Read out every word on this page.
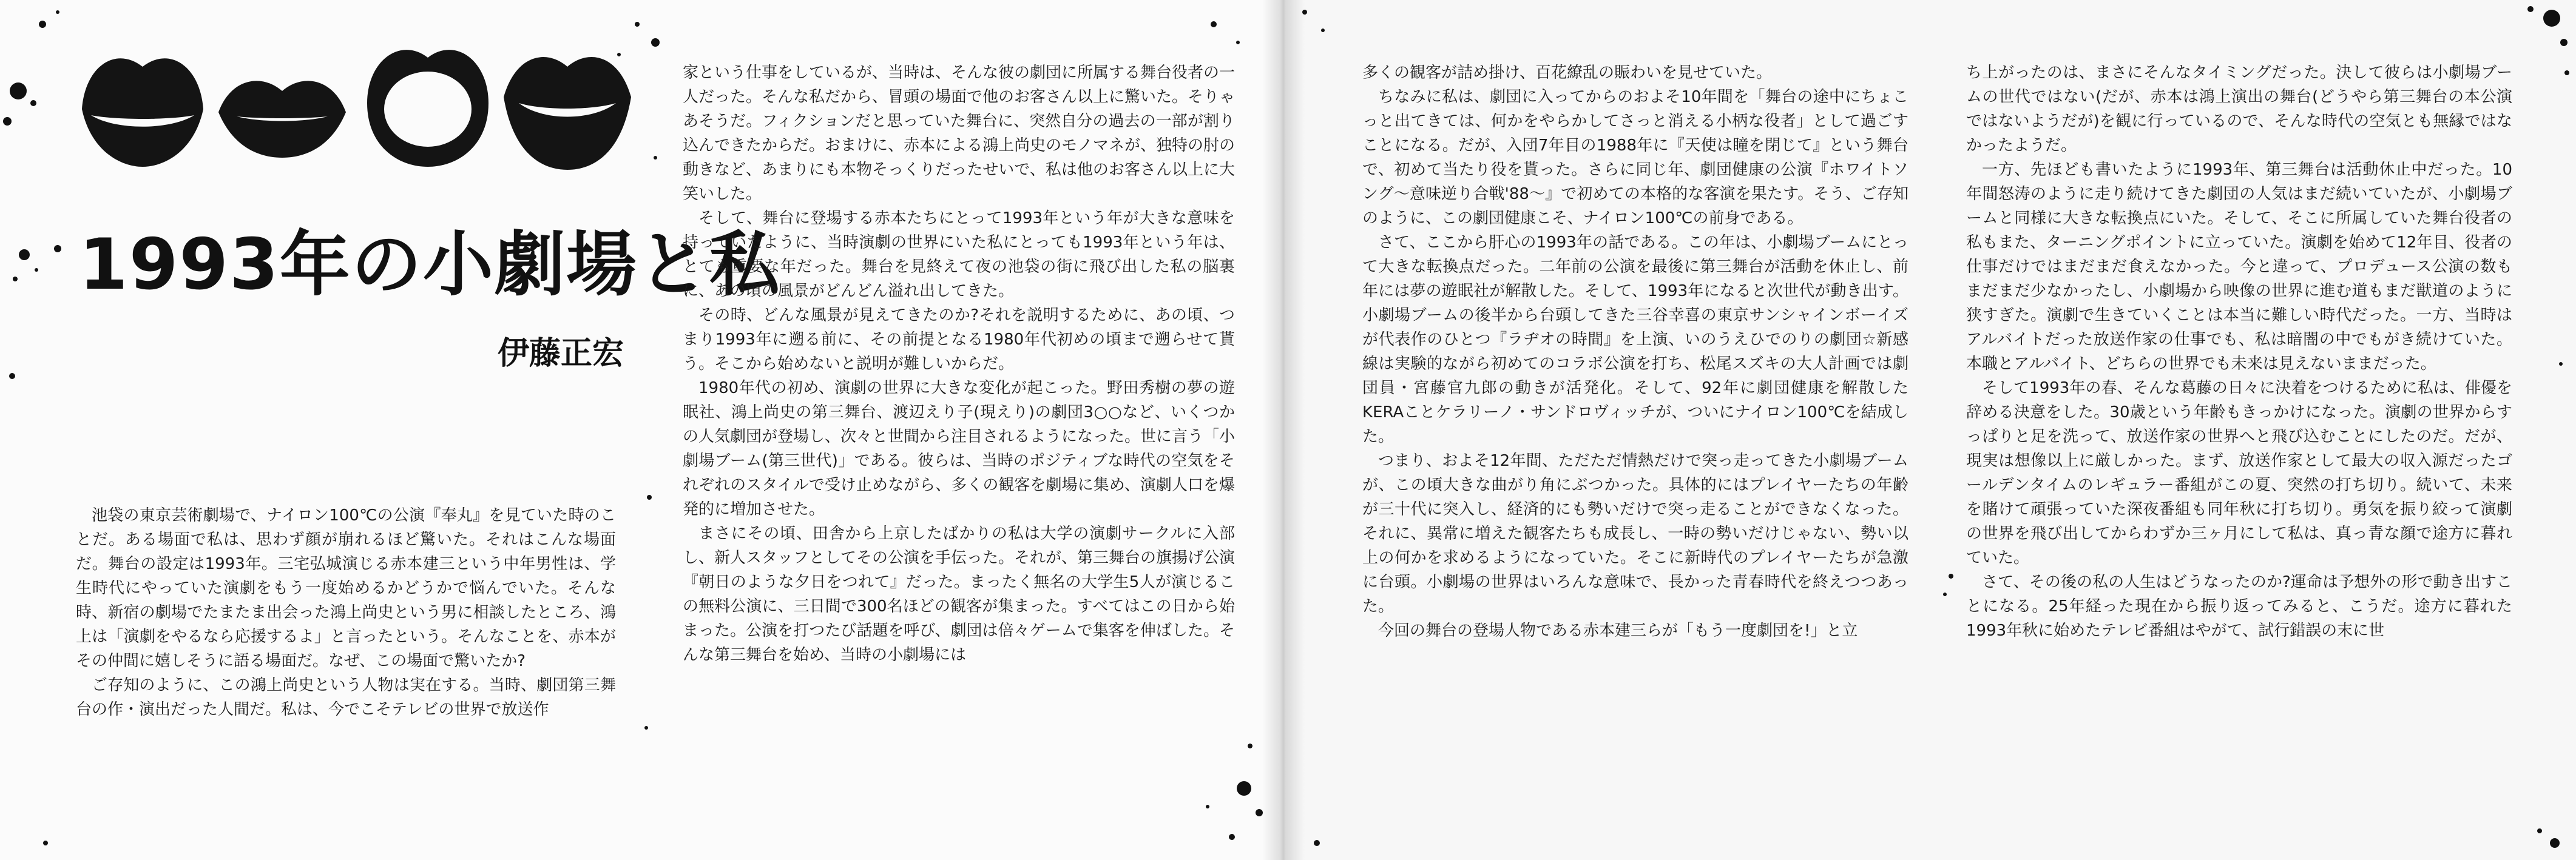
1993年の小劇場と私
伊藤正宏

池袋の東京芸術劇場で、ナイロン100℃の公演『奉丸』を見ていた時のことだ。ある場面で私は、思わず顔が崩れるほど驚いた。それはこんな場面だ。舞台の設定は1993年。三宅弘城演じる赤本建三という中年男性は、学生時代にやっていた演劇をもう一度始めるかどうかで悩んでいた。そんな時、新宿の劇場でたまたま出会った鴻上尚史という男に相談したところ、鴻上は「演劇をやるなら応援するよ」と言ったという。そんなことを、赤本がその仲間に嬉しそうに語る場面だ。なぜ、この場面で驚いたか?

ご存知のように、この鴻上尚史という人物は実在する。当時、劇団第三舞台の作・演出だった人間だ。私は、今でこそテレビの世界で放送作

家という仕事をしているが、当時は、そんな彼の劇団に所属する舞台役者の一人だった。そんな私だから、冒頭の場面で他のお客さん以上に驚いた。そりゃあそうだ。フィクションだと思っていた舞台に、突然自分の過去の一部が割り込んできたからだ。おまけに、赤本による鴻上尚史のモノマネが、独特の肘の動きなど、あまりにも本物そっくりだったせいで、私は他のお客さん以上に大笑いした。

そして、舞台に登場する赤本たちにとって1993年という年が大きな意味を持っていたように、当時演劇の世界にいた私にとっても1993年という年は、とても重要な年だった。舞台を見終えて夜の池袋の街に飛び出した私の脳裏に、あの頃の風景がどんどん溢れ出してきた。

その時、どんな風景が見えてきたのか?それを説明するために、あの頃、つまり1993年に遡る前に、その前提となる1980年代初めの頃まで遡らせて貰う。そこから始めないと説明が難しいからだ。

1980年代の初め、演劇の世界に大きな変化が起こった。野田秀樹の夢の遊眠社、鴻上尚史の第三舞台、渡辺えり子(現えり)の劇団3○○など、いくつかの人気劇団が登場し、次々と世間から注目されるようになった。世に言う「小劇場ブーム(第三世代)」である。彼らは、当時のポジティブな時代の空気をそれぞれのスタイルで受け止めながら、多くの観客を劇場に集め、演劇人口を爆発的に増加させた。

まさにその頃、田舎から上京したばかりの私は大学の演劇サークルに入部し、新人スタッフとしてその公演を手伝った。それが、第三舞台の旗揚げ公演『朝日のような夕日をつれて』だった。まったく無名の大学生5人が演じるこの無料公演に、三日間で300名ほどの観客が集まった。すべてはこの日から始まった。公演を打つたび話題を呼び、劇団は倍々ゲームで集客を伸ばした。そんな第三舞台を始め、当時の小劇場には

多くの観客が詰め掛け、百花繚乱の賑わいを見せていた。

ちなみに私は、劇団に入ってからのおよそ10年間を「舞台の途中にちょこっと出てきては、何かをやらかしてさっと消える小柄な役者」として過ごすことになる。だが、入団7年目の1988年に『天使は瞳を閉じて』という舞台で、初めて当たり役を貰った。さらに同じ年、劇団健康の公演『ホワイトソング〜意味逆り合戦'88〜』で初めての本格的な客演を果たす。そう、ご存知のように、この劇団健康こそ、ナイロン100℃の前身である。

さて、ここから肝心の1993年の話である。この年は、小劇場ブームにとって大きな転換点だった。二年前の公演を最後に第三舞台が活動を休止し、前年には夢の遊眠社が解散した。そして、1993年になると次世代が動き出す。小劇場ブームの後半から台頭してきた三谷幸喜の東京サンシャインボーイズが代表作のひとつ『ラヂオの時間』を上演、いのうえひでのりの劇団☆新感線は実験的ながら初めてのコラボ公演を打ち、松尾スズキの大人計画では劇団員・宮藤官九郎の動きが活発化。そして、92年に劇団健康を解散したKERAことケラリーノ・サンドロヴィッチが、ついにナイロン100℃を結成した。

つまり、およそ12年間、ただただ情熱だけで突っ走ってきた小劇場ブームが、この頃大きな曲がり角にぶつかった。具体的にはプレイヤーたちの年齢が三十代に突入し、経済的にも勢いだけで突っ走ることができなくなった。それに、異常に増えた観客たちも成長し、一時の勢いだけじゃない、勢い以上の何かを求めるようになっていた。そこに新時代のプレイヤーたちが急激に台頭。小劇場の世界はいろんな意味で、長かった青春時代を終えつつあった。

今回の舞台の登場人物である赤本建三らが「もう一度劇団を!」と立

ち上がったのは、まさにそんなタイミングだった。決して彼らは小劇場ブームの世代ではない(だが、赤本は鴻上演出の舞台(どうやら第三舞台の本公演ではないようだが)を観に行っているので、そんな時代の空気とも無縁ではなかったようだ。

一方、先ほども書いたように1993年、第三舞台は活動休止中だった。10年間怒涛のように走り続けてきた劇団の人気はまだ続いていたが、小劇場ブームと同様に大きな転換点にいた。そして、そこに所属していた舞台役者の私もまた、ターニングポイントに立っていた。演劇を始めて12年目、役者の仕事だけではまだまだ食えなかった。今と違って、プロデュース公演の数もまだまだ少なかったし、小劇場から映像の世界に進む道もまだ獣道のように狭すぎた。演劇で生きていくことは本当に難しい時代だった。一方、当時はアルバイトだった放送作家の仕事でも、私は暗闇の中でもがき続けていた。本職とアルバイト、どちらの世界でも未来は見えないままだった。

そして1993年の春、そんな葛藤の日々に決着をつけるために私は、俳優を辞める決意をした。30歳という年齢もきっかけになった。演劇の世界からすっぱりと足を洗って、放送作家の世界へと飛び込むことにしたのだ。だが、現実は想像以上に厳しかった。まず、放送作家として最大の収入源だったゴールデンタイムのレギュラー番組がこの夏、突然の打ち切り。続いて、未来を賭けて頑張っていた深夜番組も同年秋に打ち切り。勇気を振り絞って演劇の世界を飛び出してからわずか三ヶ月にして私は、真っ青な顔で途方に暮れていた。

さて、その後の私の人生はどうなったのか?運命は予想外の形で動き出すことになる。25年経った現在から振り返ってみると、こうだ。途方に暮れた1993年秋に始めたテレビ番組はやがて、試行錯誤の末に世
